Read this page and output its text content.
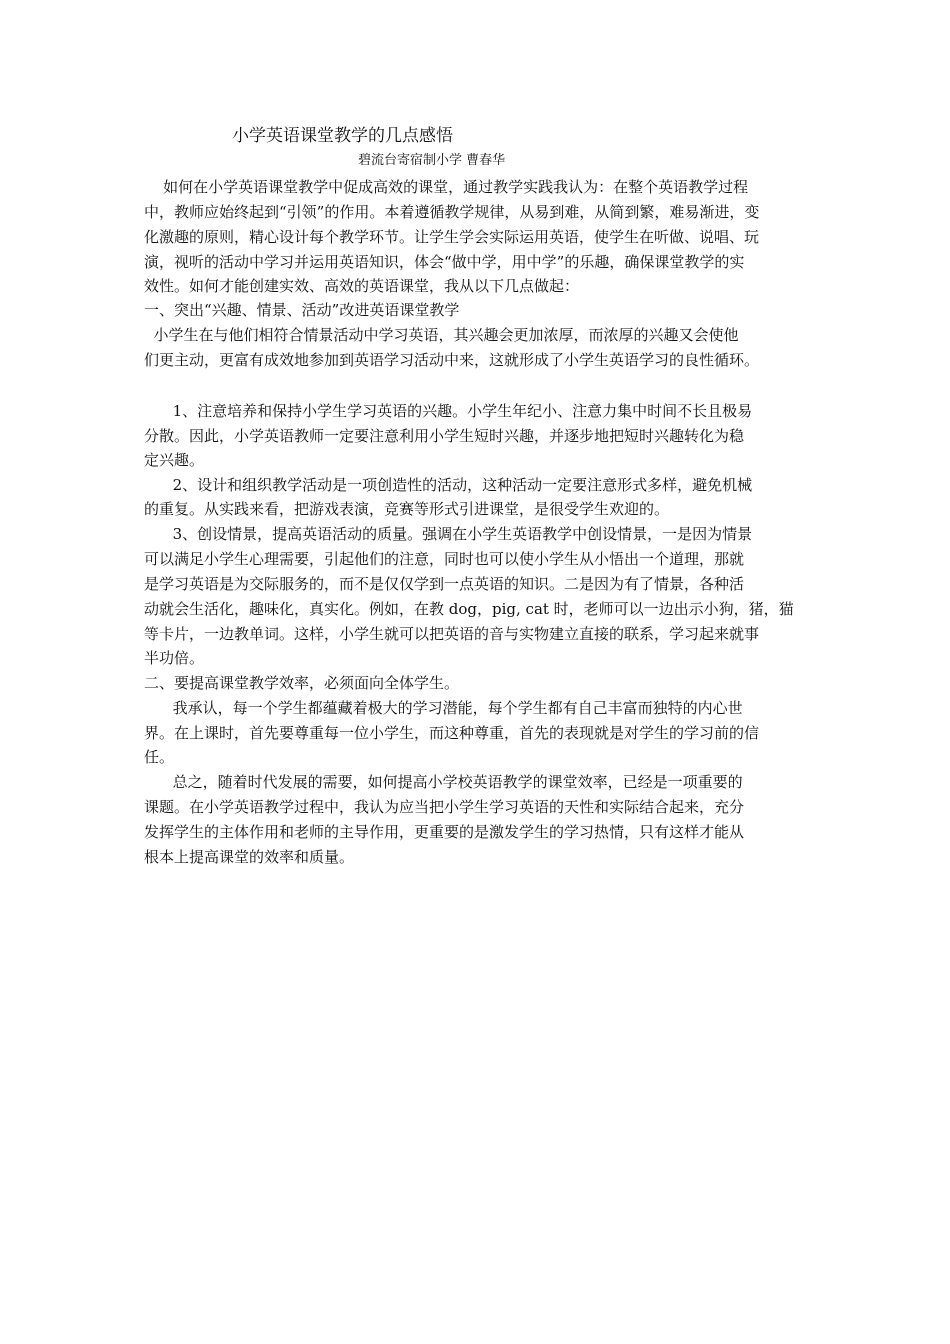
小学英语课堂教学的几点感悟
碧流台寄宿制小学 曹春华
如何在小学英语课堂教学中促成高效的课堂，通过教学实践我认为：在整个英语教学过程
中，教师应始终起到“引领”的作用。本着遵循教学规律，从易到难，从简到繁，难易渐进，变
化激趣的原则，精心设计每个教学环节。让学生学会实际运用英语，使学生在听做、说唱、玩
演，视听的活动中学习并运用英语知识，体会“做中学，用中学”的乐趣，确保课堂教学的实
效性。如何才能创建实效、高效的英语课堂，我从以下几点做起：
一、突出“兴趣、情景、活动”改进英语课堂教学
小学生在与他们相符合情景活动中学习英语，其兴趣会更加浓厚，而浓厚的兴趣又会使他
们更主动，更富有成效地参加到英语学习活动中来，这就形成了小学生英语学习的良性循环。
1、注意培养和保持小学生学习英语的兴趣。小学生年纪小、注意力集中时间不长且极易
分散。因此，小学英语教师一定要注意利用小学生短时兴趣，并逐步地把短时兴趣转化为稳
定兴趣。
2、设计和组织教学活动是一项创造性的活动，这种活动一定要注意形式多样，避免机械
的重复。从实践来看，把游戏表演，竞赛等形式引进课堂，是很受学生欢迎的。
3、创设情景，提高英语活动的质量。强调在小学生英语教学中创设情景，一是因为情景
可以满足小学生心理需要，引起他们的注意，同时也可以使小学生从小悟出一个道理，那就
是学习英语是为交际服务的，而不是仅仅学到一点英语的知识。二是因为有了情景，各种活
动就会生活化，趣味化，真实化。例如，在教 dog，pig, cat 时，老师可以一边出示小狗，猪，猫
等卡片，一边教单词。这样，小学生就可以把英语的音与实物建立直接的联系，学习起来就事
半功倍。
二、要提高课堂教学效率，必须面向全体学生。
我承认，每一个学生都蕴藏着极大的学习潜能，每个学生都有自己丰富而独特的内心世
界。在上课时，首先要尊重每一位小学生，而这种尊重，首先的表现就是对学生的学习前的信
任。
总之，随着时代发展的需要，如何提高小学校英语教学的课堂效率，已经是一项重要的
课题。在小学英语教学过程中，我认为应当把小学生学习英语的天性和实际结合起来，充分
发挥学生的主体作用和老师的主导作用，更重要的是激发学生的学习热情，只有这样才能从
根本上提高课堂的效率和质量。
